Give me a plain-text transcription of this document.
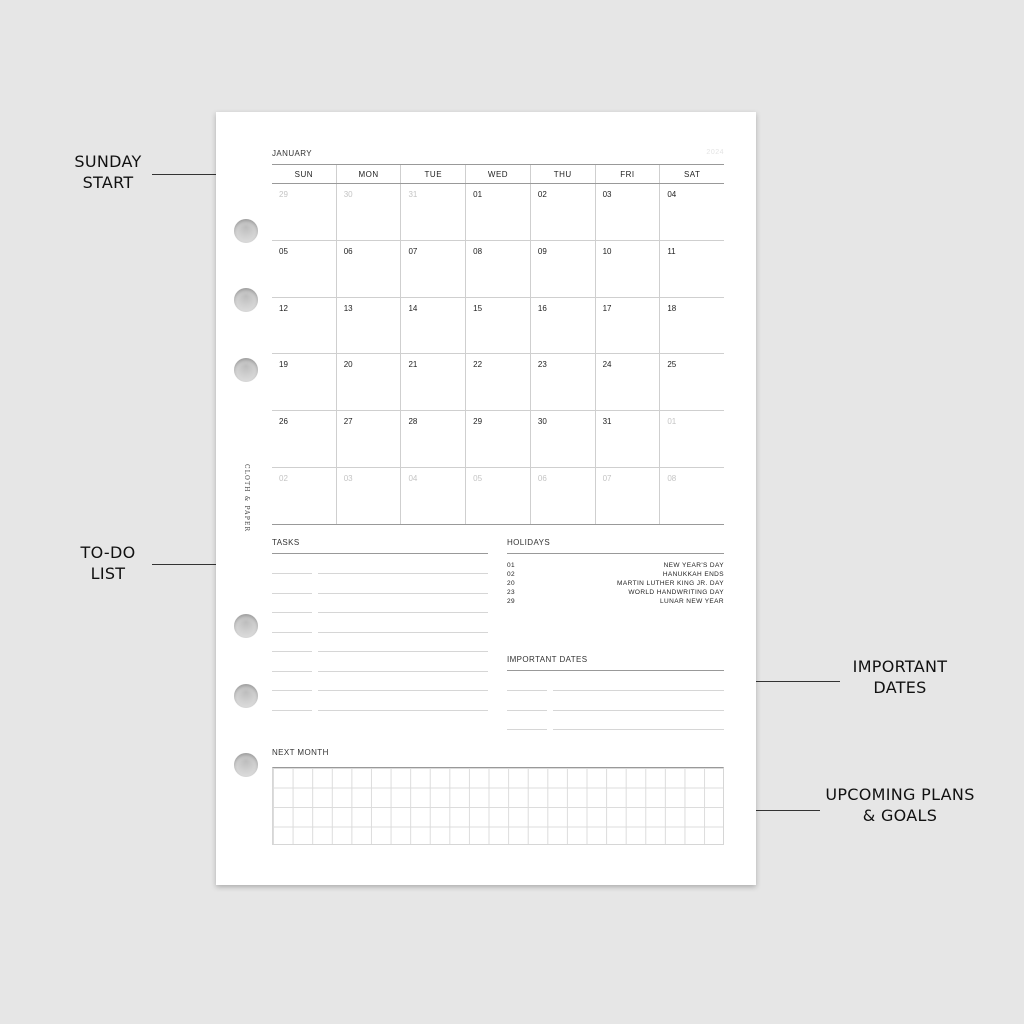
SUNDAY
START
TO-DO
LIST
IMPORTANT
DATES
UPCOMING PLANS
& GOALS
CLOTH & PAPER
JANUARY	2024
SUN	MON	TUE	WED	THU	FRI	SAT
29	30	31	01	02	03	04
05	06	07	08	09	10	11
12	13	14	15	16	17	18
19	20	21	22	23	24	25
26	27	28	29	30	31	01
02	03	04	05	06	07	08
TASKS	HOLIDAYS
01	NEW YEAR'S DAY
02	HANUKKAH ENDS
20	MARTIN LUTHER KING JR. DAY
23	WORLD HANDWRITING DAY
29	LUNAR NEW YEAR
IMPORTANT DATES
NEXT MONTH
